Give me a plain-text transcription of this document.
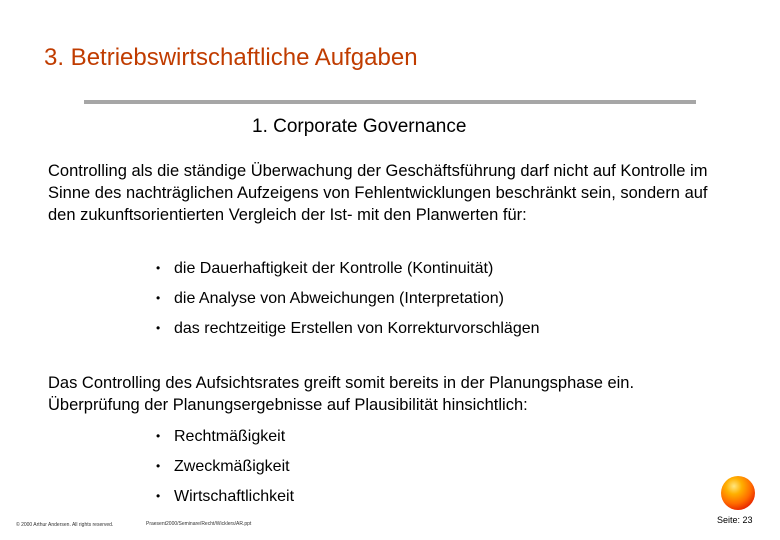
3. Betriebswirtschaftliche Aufgaben
1. Corporate Governance

Controlling als die ständige Überwachung der Geschäftsführung darf nicht auf Kontrolle im Sinne des nachträglichen Aufzeigens von Fehlentwicklungen beschränkt sein, sondern auf den zukunftsorientierten Vergleich der Ist- mit den Planwerten für:

• die Dauerhaftigkeit der Kontrolle (Kontinuität)
• die Analyse von Abweichungen (Interpretation)
• das rechtzeitige Erstellen von Korrekturvorschlägen

Das Controlling des Aufsichtsrates greift somit bereits in der Planungsphase ein. Überprüfung der Planungsergebnisse auf Plausibilität hinsichtlich:

• Rechtmäßigkeit
• Zweckmäßigkeit
• Wirtschaftlichkeit
© 2000 Arthur Andersen. All rights reserved.	Praesent2000/Seminare/Recht/Wicklers/AR.ppt	Seite: 23
